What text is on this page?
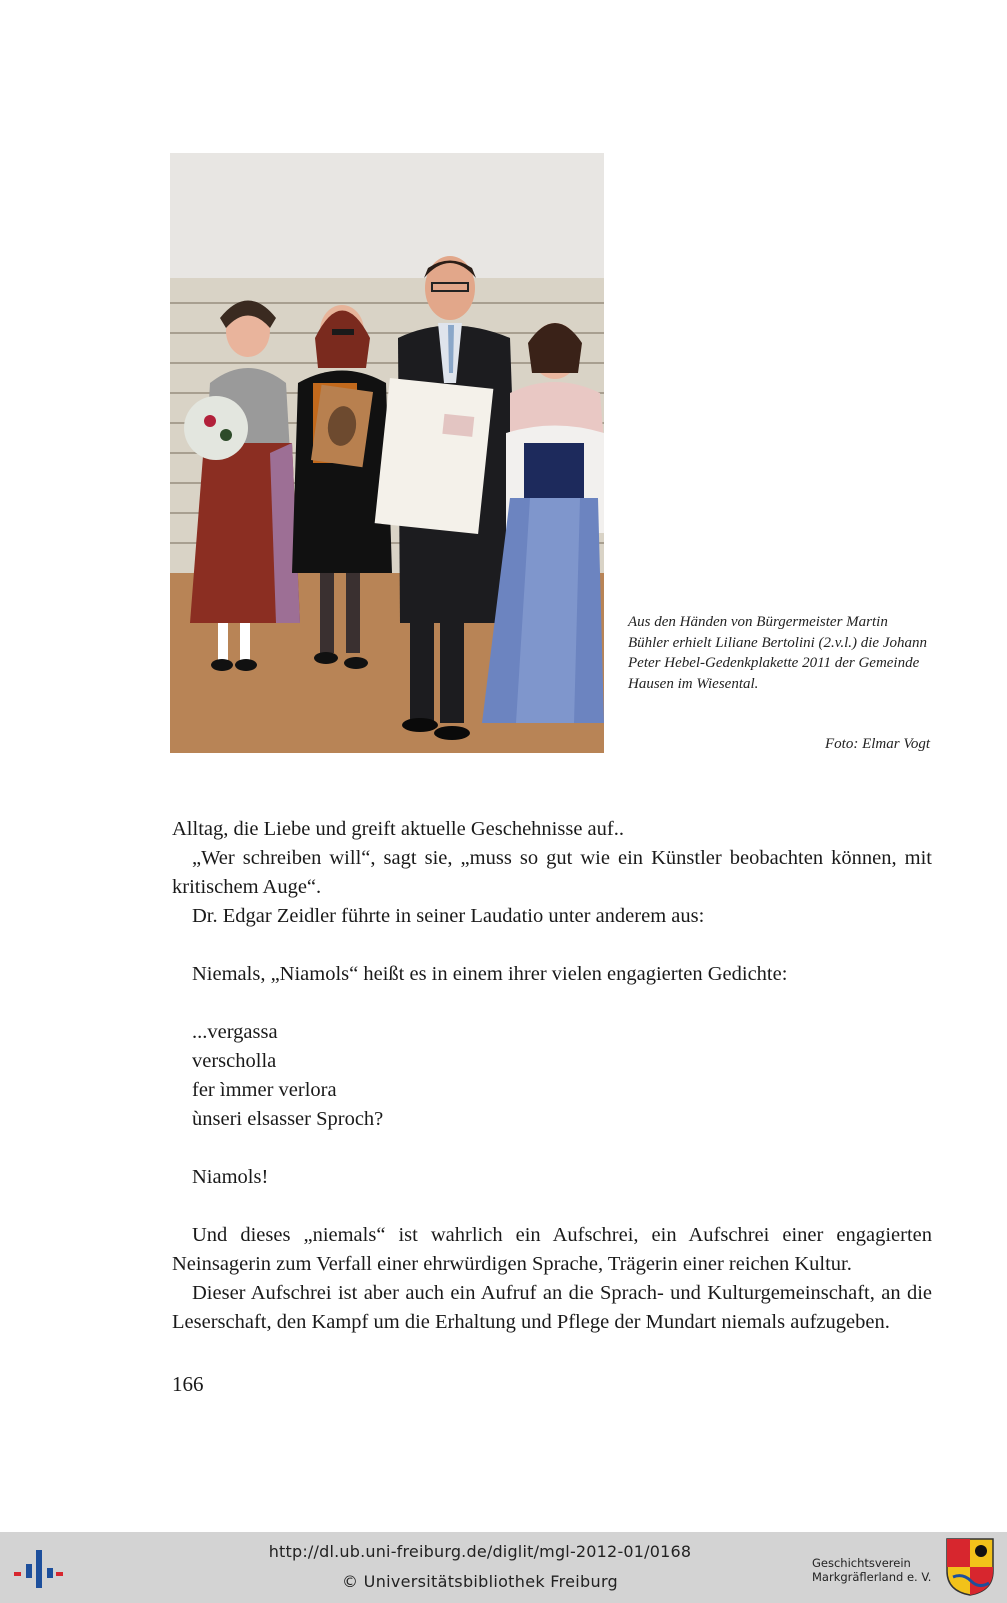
Aus den Händen von Bürgermeister Martin Bühler erhielt Liliane Bertolini (2.v.l.) die Johann Peter Hebel-Gedenkplakette 2011 der Gemeinde Hausen im Wiesental.
Foto: Elmar Vogt

Alltag, die Liebe und greift aktuelle Geschehnisse auf..

„Wer schreiben will“, sagt sie, „muss so gut wie ein Künstler beobachten können, mit kritischem Auge“.

Dr. Edgar Zeidler führte in seiner Laudatio unter anderem aus:

Niemals, „Niamols“ heißt es in einem ihrer vielen engagierten Gedichte:

...vergassa

verscholla

fer ìmmer verlora

ùnseri elsasser Sproch?

Niamols!

Und dieses „niemals“ ist wahrlich ein Aufschrei, ein Aufschrei einer engagierten Neinsagerin zum Verfall einer ehrwürdigen Sprache, Trägerin einer reichen Kultur.

Dieser Aufschrei ist aber auch ein Aufruf an die Sprach- und Kulturgemeinschaft, an die Leserschaft, den Kampf um die Erhaltung und Pflege der Mundart niemals aufzugeben.

166
http://dl.ub.uni-freiburg.de/diglit/mgl-2012-01/0168
© Universitätsbibliothek Freiburg
Geschichtsverein
Markgräflerland e. V.
